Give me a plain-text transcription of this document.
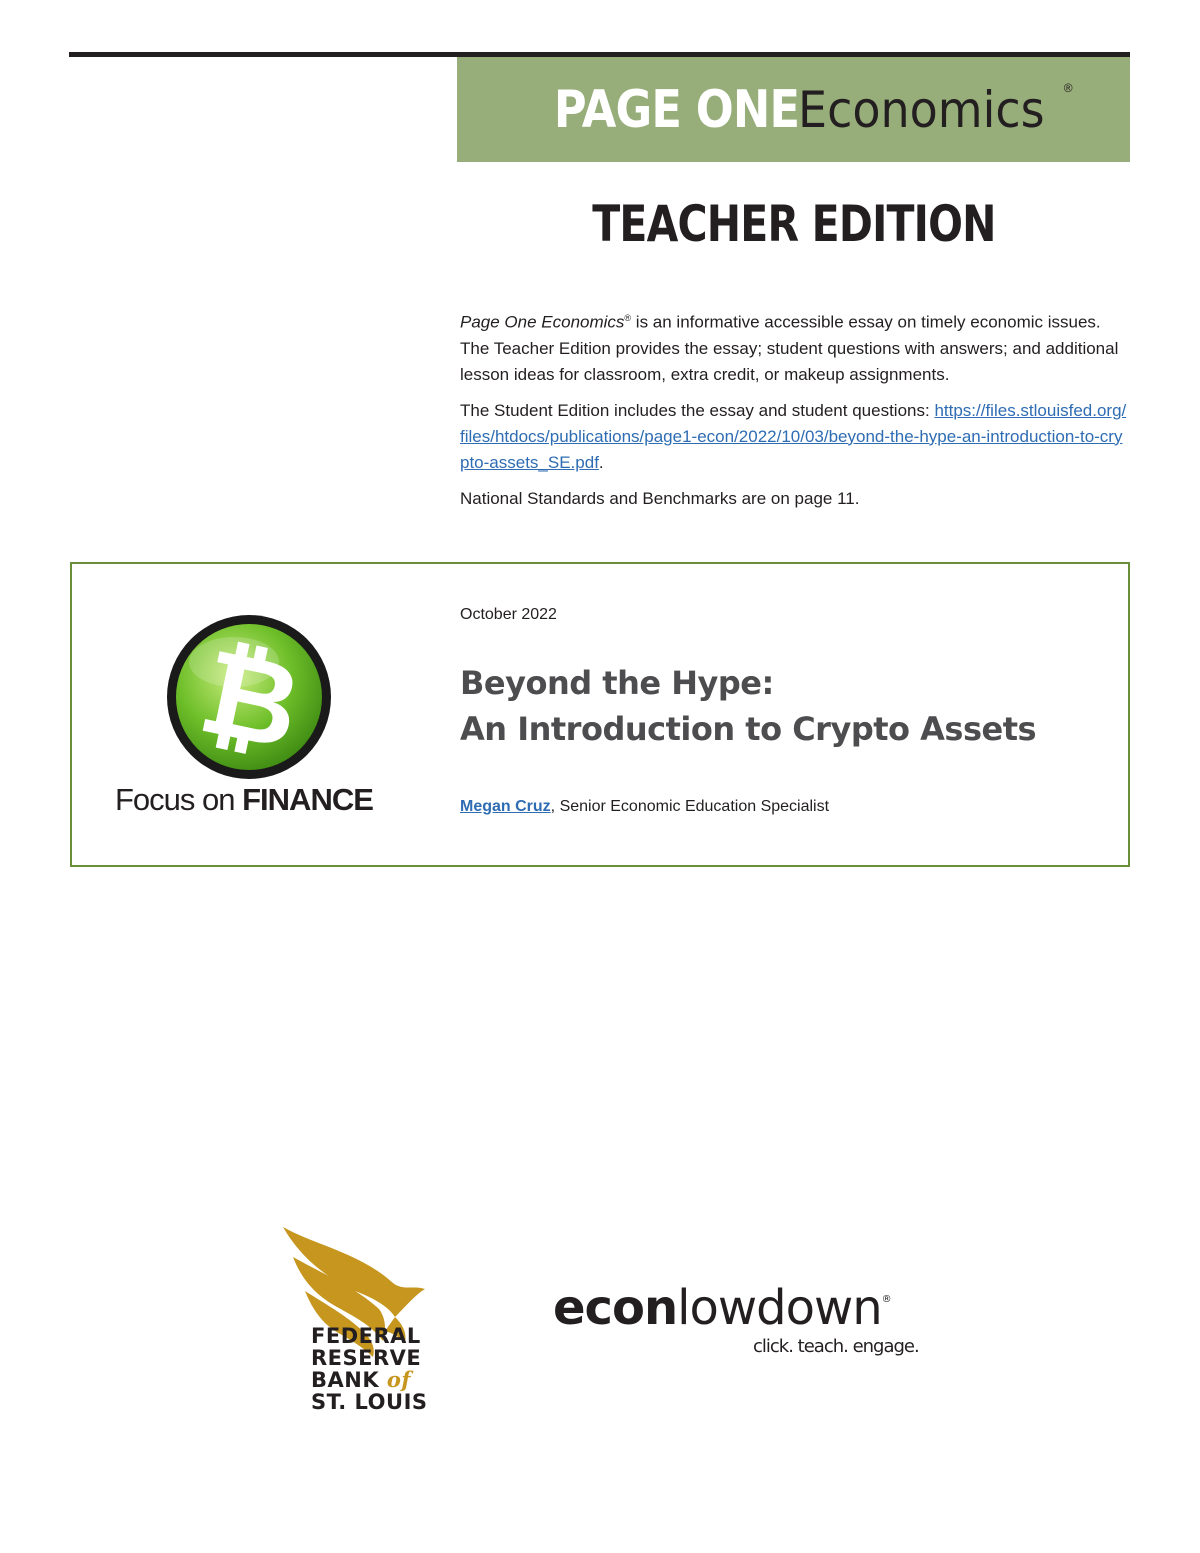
PAGE ONE
Economics ®
TEACHER EDITION

Page One Economics® is an informative accessible essay on timely economic issues. The Teacher Edition provides the essay; student questions with answers; and additional lesson ideas for classroom, extra credit, or makeup assignments.

The Student Edition includes the essay and student questions: https://files.stlouisfed.org/files/htdocs/publications/page1-econ/2022/10/03/beyond-the-hype-an-introduction-to-crypto-assets_SE.pdf.

National Standards and Benchmarks are on page 11.

₿
Focus on FINANCE
October 2022
Beyond the Hype:
An Introduction to Crypto Assets
Megan Cruz, Senior Economic Education Specialist
FEDERAL
RESERVE
BANK of
ST. LOUIS
econlowdown®
click. teach. engage.
